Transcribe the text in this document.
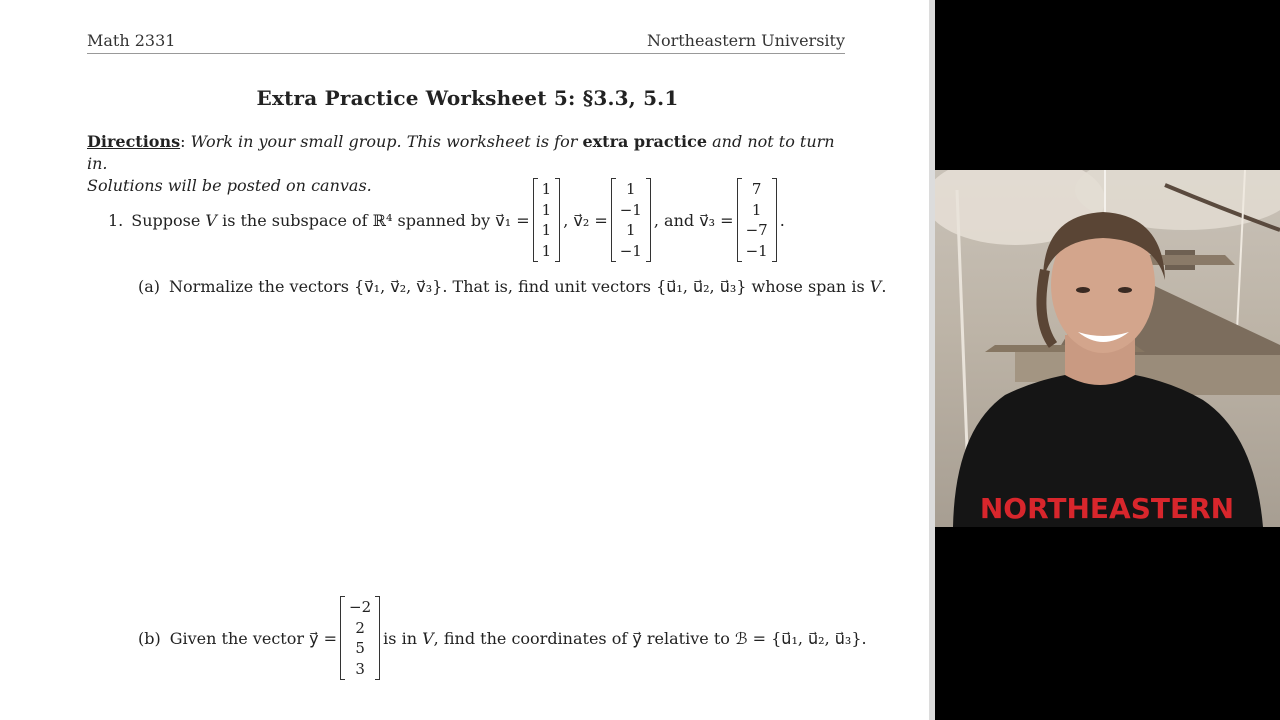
Math 2331	Northeastern University
Extra Practice Worksheet 5: §3.3, 5.1
Directions: Work in your small group. This worksheet is for extra practice and not to turn in.
Solutions will be posted on canvas.
1. Suppose
V
is the subspace of ℝ⁴ spanned by
v⃗₁ =
1
1
1
1
, v⃗₂ =
1
−1
1
−1
, and v⃗₃ =
7
1
−7
−1
.
(a) Normalize the vectors {v⃗₁, v⃗₂, v⃗₃}. That is, find unit vectors {u⃗₁, u⃗₂, u⃗₃} whose span is
V .
(b) Given the vector y⃗ =
−2
2
5
3
is in
V , find the coordinates of y⃗ relative to ℬ = {u⃗₁, u⃗₂, u⃗₃}.
NORTHEASTERN
